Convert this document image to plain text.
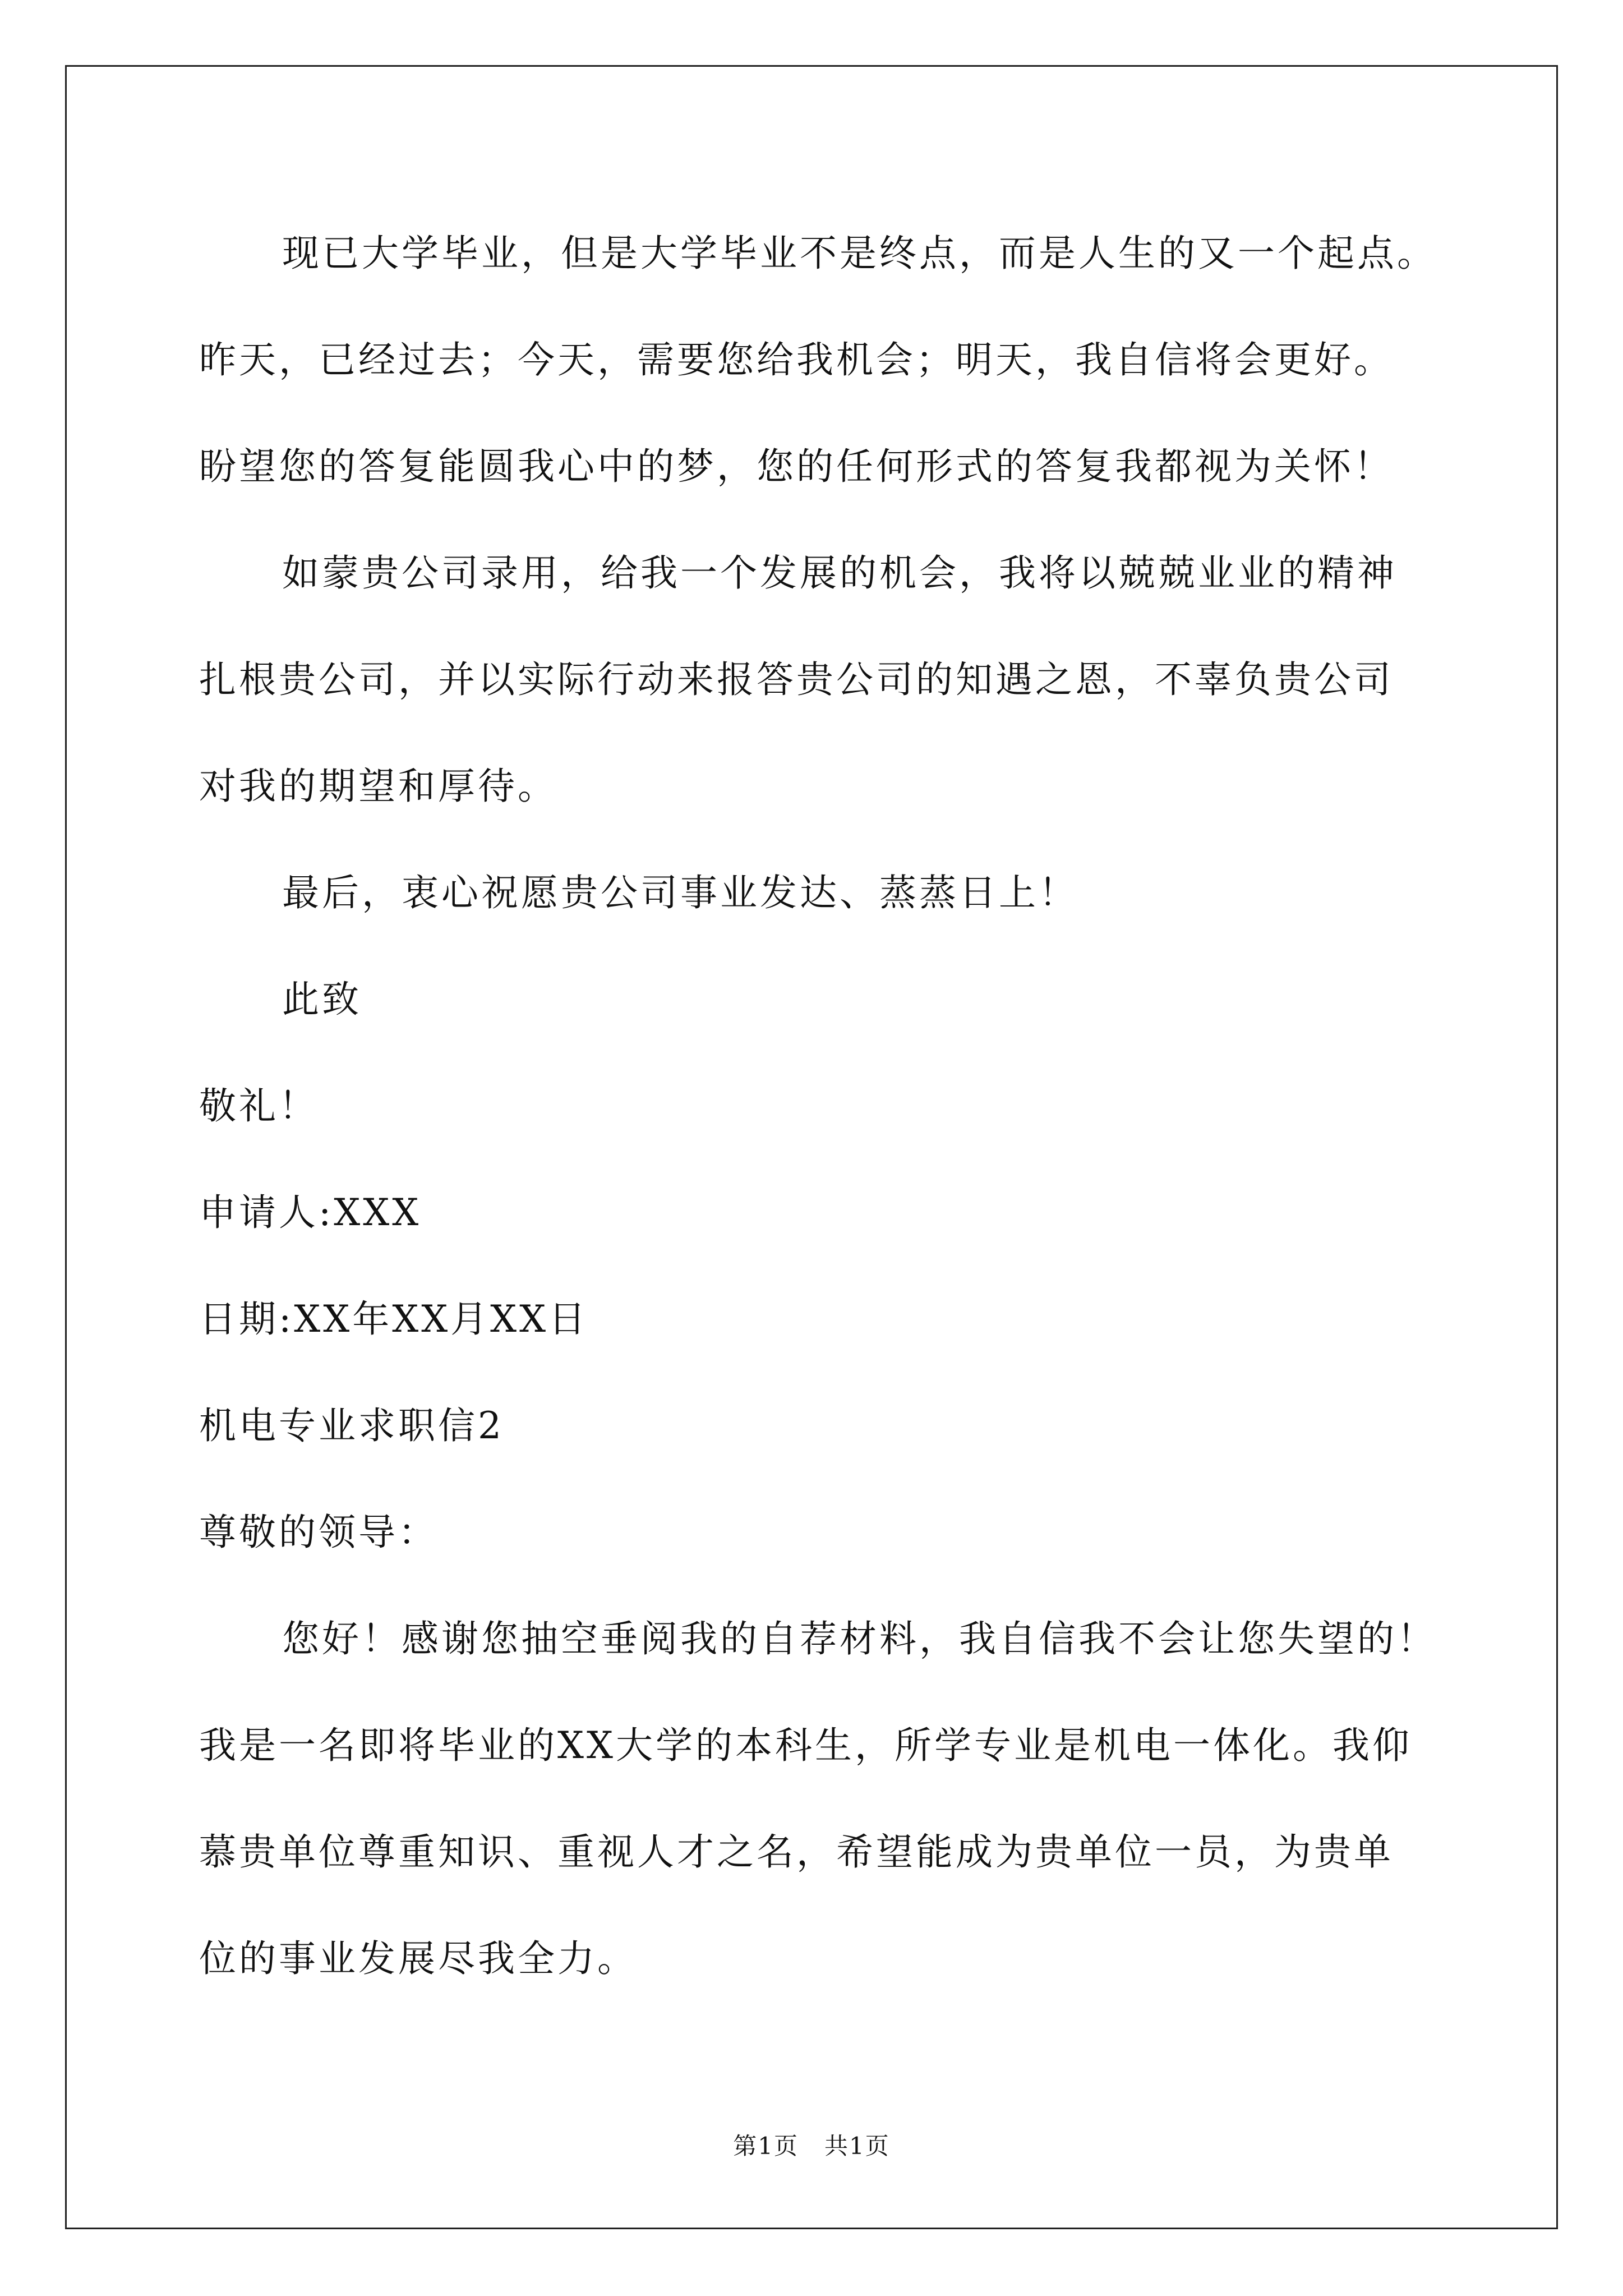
现已大学毕业，但是大学毕业不是终点，而是人生的又一个起点。
昨天，已经过去；今天，需要您给我机会；明天，我自信将会更好。
盼望您的答复能圆我心中的梦，您的任何形式的答复我都视为关怀！
如蒙贵公司录用，给我一个发展的机会，我将以兢兢业业的精神
扎根贵公司，并以实际行动来报答贵公司的知遇之恩，不辜负贵公司
对我的期望和厚待。
最后，衷心祝愿贵公司事业发达、蒸蒸日上！
此致
敬礼！
申请人:XXX
日期:XX年XX月XX日
机电专业求职信2
尊敬的领导：
您好！感谢您抽空垂阅我的自荐材料，我自信我不会让您失望的！
我是一名即将毕业的XX大学的本科生，所学专业是机电一体化。我仰
慕贵单位尊重知识、重视人才之名，希望能成为贵单位一员，为贵单
位的事业发展尽我全力。
第1页   共1页
